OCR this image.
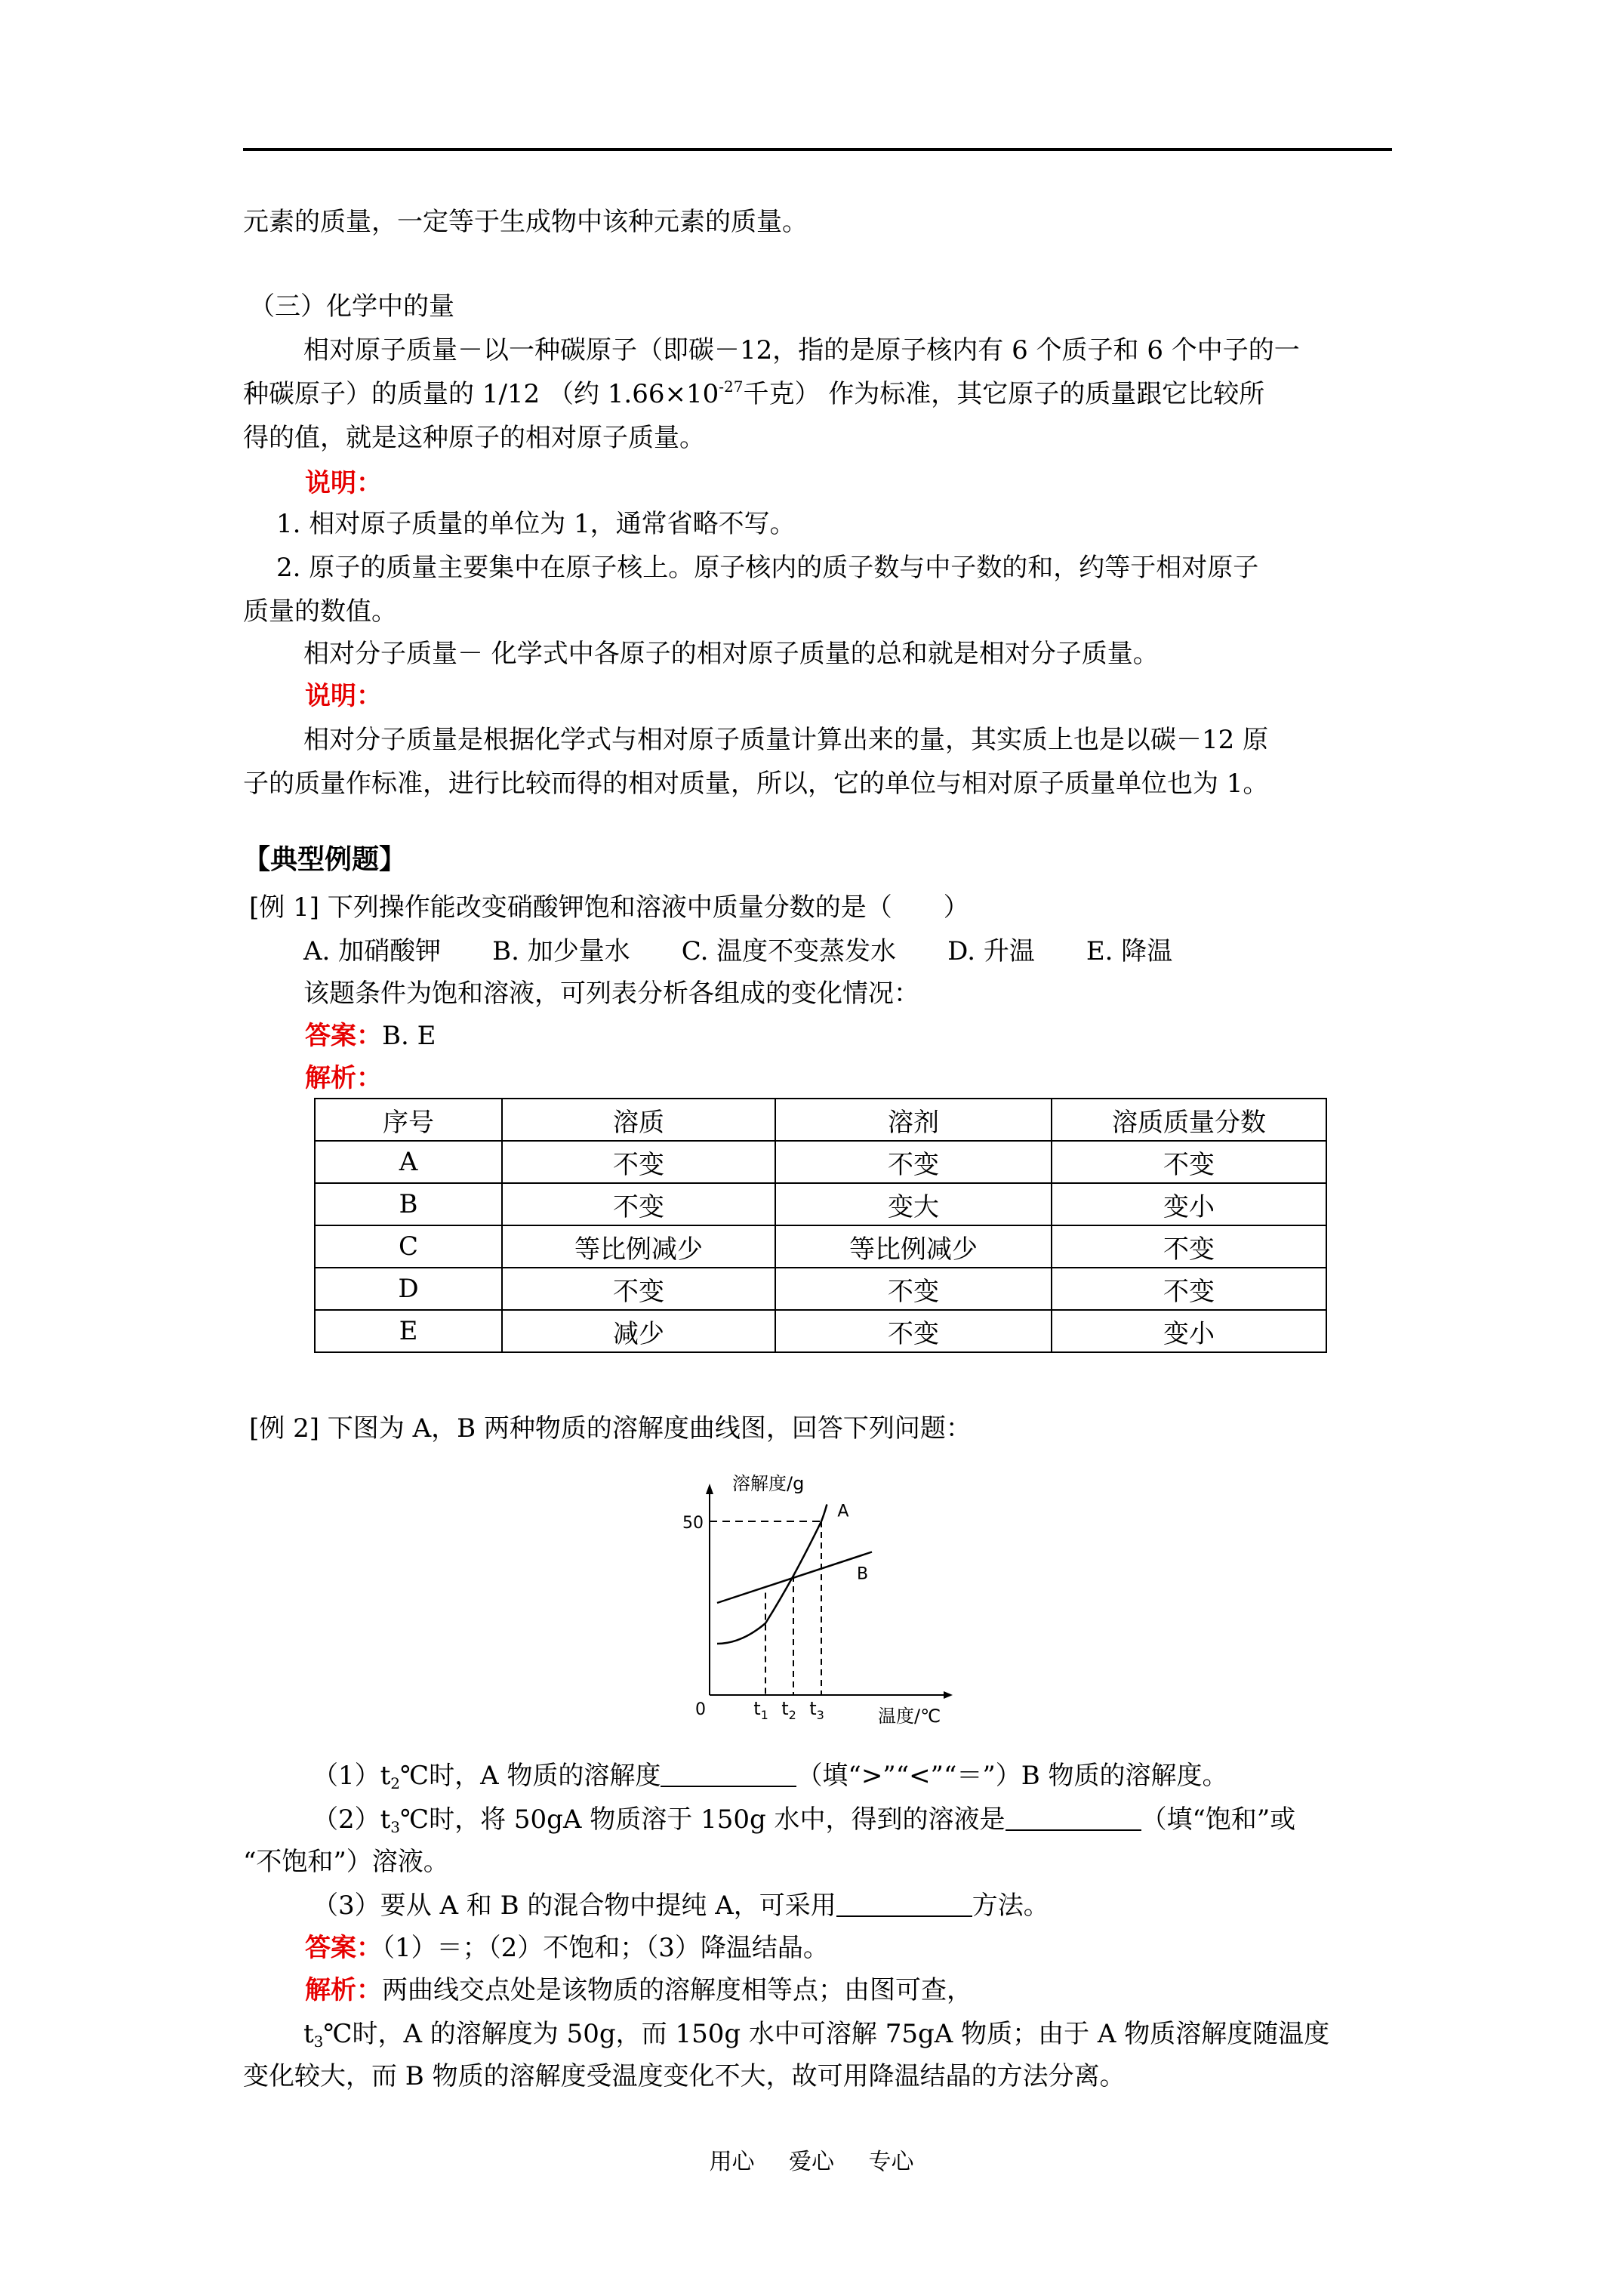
元素的质量，一定等于生成物中该种元素的质量。
（三）化学中的量
相对原子质量－以一种碳原子（即碳－12，指的是原子核内有 6 个质子和 6 个中子的一
种碳原子）的质量的 1/12 （约 $1.66\times 10^{-27}$千克） 作为标准，其它原子的质量跟它比较所
得的值，就是这种原子的相对原子质量。
说明：
1. 相对原子质量的单位为 1，通常省略不写。
2. 原子的质量主要集中在原子核上。原子核内的质子数与中子数的和，约等于相对原子
质量的数值。
相对分子质量－ 化学式中各原子的相对原子质量的总和就是相对分子质量。
说明：
相对分子质量是根据化学式与相对原子质量计算出来的量，其实质上也是以碳－12 原
子的质量作标准，进行比较而得的相对质量，所以，它的单位与相对原子质量单位也为 1。
【典型例题】
[例 1] 下列操作能改变硝酸钾饱和溶液中质量分数的是（　　）
A. 加硝酸钾　　B. 加少量水　　C. 温度不变蒸发水　　D. 升温　　E. 降温
该题条件为饱和溶液，可列表分析各组成的变化情况：
答案：B. E
解析：
序号	溶质	溶剂	溶质质量分数
A	不变	不变	不变
B	不变	变大	变小
C	等比例减少	等比例减少	不变
D	不变	不变	不变
E	减少	不变	变小
[例 2] 下图为 A，B 两种物质的溶解度曲线图，回答下列问题：
溶解度/g
温度/℃
0
50
$t_1$ $t_2$ $t_3$
A
B
$(1)t_2℃$时，A 物质的溶解度	（填“>”“<”“＝”）B 物质的溶解度。
$(2)t_3℃$时，将 50gA 物质溶于 150g 水中，得到的溶液是	（填“饱和”或
“不饱和”）溶液。
（3）要从 A 和 B 的混合物中提纯 A，可采用	方法。
答案：（1）＝；（2）不饱和；（3）降温结晶。
解析：两曲线交点处是该物质的溶解度相等点；由图可查，
$t_3℃$时，A 的溶解度为 50g，而 150g 水中可溶解 75gA 物质；由于 A 物质溶解度随温度
变化较大，而 B 物质的溶解度受温度变化不大，故可用降温结晶的方法分离。
用心 爱心 专心
